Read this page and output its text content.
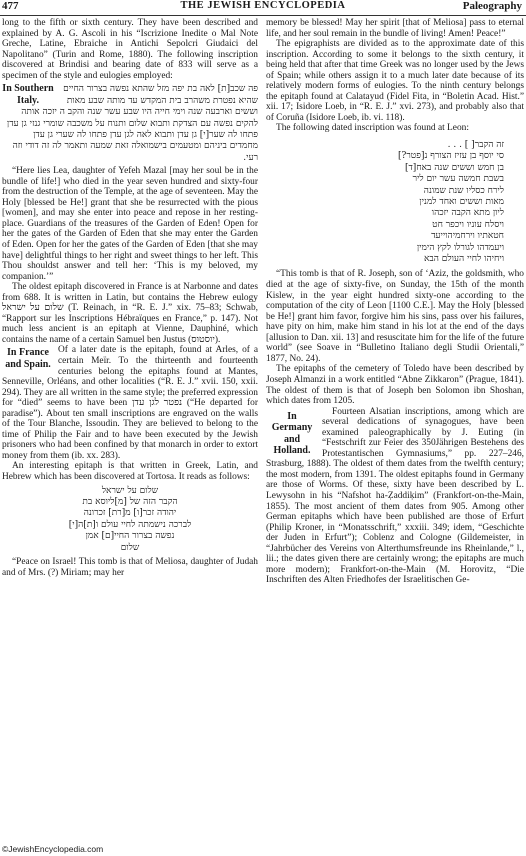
477	THE JEWISH ENCYCLOPEDIA	Paleography

long to the fifth or sixth century. They have been described and explained by A. G. Ascoli in his “Iscrizione Inedite o Mal Note Greche, Latine, Ebraiche in Antichi Sepolcri Giudaici del Napolitano” (Turin and Rome, 1880). The following inscription discovered at Brindisi and bearing date of 833 will serve as a specimen of the style and eulogies employed:

In Southern Italy.

פה שכב[ת] לאה בת יפה מזל שהתא נפשה בצרור החיים שהיא נפטרת משהרב בית המקדש עד מותה שבע מאות וששים וארבעה שנה וימי חייה היו שבע עשר שנה והקב ה יזכה אותה להקים נפשה עם הצדקת ותבוא שלום ותנוח על משכבה שומרי גנזי גן עדן פתחו לה שער[י] גן עדן ותבוא לאה לגן עדן פתחו לה שערי גן עדן מחמדים ביניהם ומטעמים בישמואלה זאת שמעה ותאמר לה זה דודי וזה רעי.

“Here lies Lea, daughter of Yefeh Mazal [may her soul be in the bundle of life!] who died in the year seven hundred and sixty-four from the destruction of the Temple, at the age of seventeen. May the Holy [blessed be He!] grant that she be resurrected with the pious [women], and may she enter into peace and repose in her resting-place. Guardians of the treasures of the Garden of Eden! Open for her the gates of the Garden of Eden that she may enter the Garden of Eden. Open for her the gates of the Garden of Eden [that she may have] delightful things to her right and sweet things to her left. This Thou shouldst answer and tell her: ‘This is my beloved, my companion.’”

The oldest epitaph discovered in France is at Narbonne and dates from 688. It is written in Latin, but contains the Hebrew eulogy שלום על ישראל (T. Reinach, in “R. E. J.” xix. 75–83; Schwab, “Rapport sur les Inscriptions Hébraïques en France,” p. 147). Not much less ancient is an epitaph at Vienne, Dauphiné, which contains the name of a certain Samuel ben Justus (יוסטוס).

In France and Spain.

Of a later date is the epitaph, found at Arles, of a certain Meïr. To the thirteenth and fourteenth centuries belong the epitaphs found at Mantes, Senneville, Orléans, and other localities (“R. E. J.” xvii. 150, xxii. 294). They are all written in the same style; the preferred expression for “died” seems to have been נפטר לגן עדן (“He departed for paradise”). About ten small inscriptions are engraved on the walls of the Tour Blanche, Issoudin. They are believed to belong to the time of Philip the Fair and to have been executed by the Jewish prisoners who had been confined by that monarch in order to extort money from them (ib. xx. 283).

An interesting epitaph is that written in Greek, Latin, and Hebrew which has been discovered at Tortosa. It reads as follows:

שלום על ישראל
הקבר הזה של [מ]ליוסא בת
יהודה זכר[ו] מ[רת] זכרונה
לברכה נישמתה לחיי עולם ו[ת]ה[י]
נפשה בצרור החיי[ם] אמן
שלום

“Peace on Israel! This tomb is that of Meliosa, daughter of Judah and of Mrs. (?) Miriam; may her

memory be blessed! May her spirit [that of Meliosa] pass to eternal life, and her soul remain in the bundle of living! Amen! Peace!”

The epigraphists are divided as to the approximate date of this inscription. According to some it belongs to the sixth century, it being held that after that time Greek was no longer used by the Jews of Spain; while others assign it to a much later date because of its relatively modern forms of eulogies. To the ninth century belongs the epitaph found at Calatayud (Fidel Fita, in “Boletin Acad. Hist.” xii. 17; Isidore Loeb, in “R. E. J.” xvi. 273), and probably also that of Coruña (Isidore Loeb, ib. vi. 118).

The following dated inscription was found at Leon:

זה הקבר[ ] . . .
סי יוסף בן עזיז הצורף נ[פטר?]
בן חמש וששים שנה באח[ד]
בשבת חמשה עשר יום ליר
לירח כסליו שנת שמונה
מאות וששים ואחד למנין
ליון מתא הקבה יזכהו
ויסלח עוניו ויכפר חט
חטאתיו וירחמיהוייעד
ויעמדהו לגורלו לקץ הימין
ויחיהו לחיי העולם הבא

“This tomb is that of R. Joseph, son of ‘Aziz, the goldsmith, who died at the age of sixty-five, on Sunday, the 15th of the month Kislew, in the year eight hundred sixty-one according to the computation of the city of Leon [1100 C.E.]. May the Holy [blessed be He!] grant him favor, forgive him his sins, pass over his failures, have pity on him, make him stand in his lot at the end of the days [allusion to Dan. xii. 13] and resuscitate him for the life of the future world” (see Soave in “Bulletino Italiano degli Studii Orientali,” 1877, No. 24).

The epitaphs of the cemetery of Toledo have been described by Joseph Almanzi in a work entitled “Abne Zikkaron” (Prague, 1841). The oldest of them is that of Joseph ben Solomon ibn Shoshan, which dates from 1205.

In Germany and Holland.

Fourteen Alsatian inscriptions, among which are several dedications of synagogues, have been examined paleographically by J. Euting (in “Festschrift zur Feier des 350Jährigen Bestehens des Protestantischen Gymnasiums,” pp. 227–246, Strasburg, 1888). The oldest of them dates from the twelfth century; the most modern, from 1391. The oldest epitaphs found in Germany are those of Worms. Of these, sixty have been described by L. Lewysohn in his “Nafshot ha-Ẓaddiḳim” (Frankfort-on-the-Main, 1855). The most ancient of them dates from 905. Among other German epitaphs which have been published are those of Erfurt (Philip Kroner, in “Monatsschrift,” xxxiii. 349; idem, “Geschichte der Juden in Erfurt”); Coblenz and Cologne (Gildemeister, in “Jahrbücher des Vereins von Alterthumsfreunde ins Rheinlande,” l., lii.; the dates given there are certainly wrong; the epitaphs are much more modern); Frankfort-on-the-Main (M. Horovitz, “Die Inschriften des Alten Friedhofes der Israelitischen Ge-

©JewishEncyclopedia.com
